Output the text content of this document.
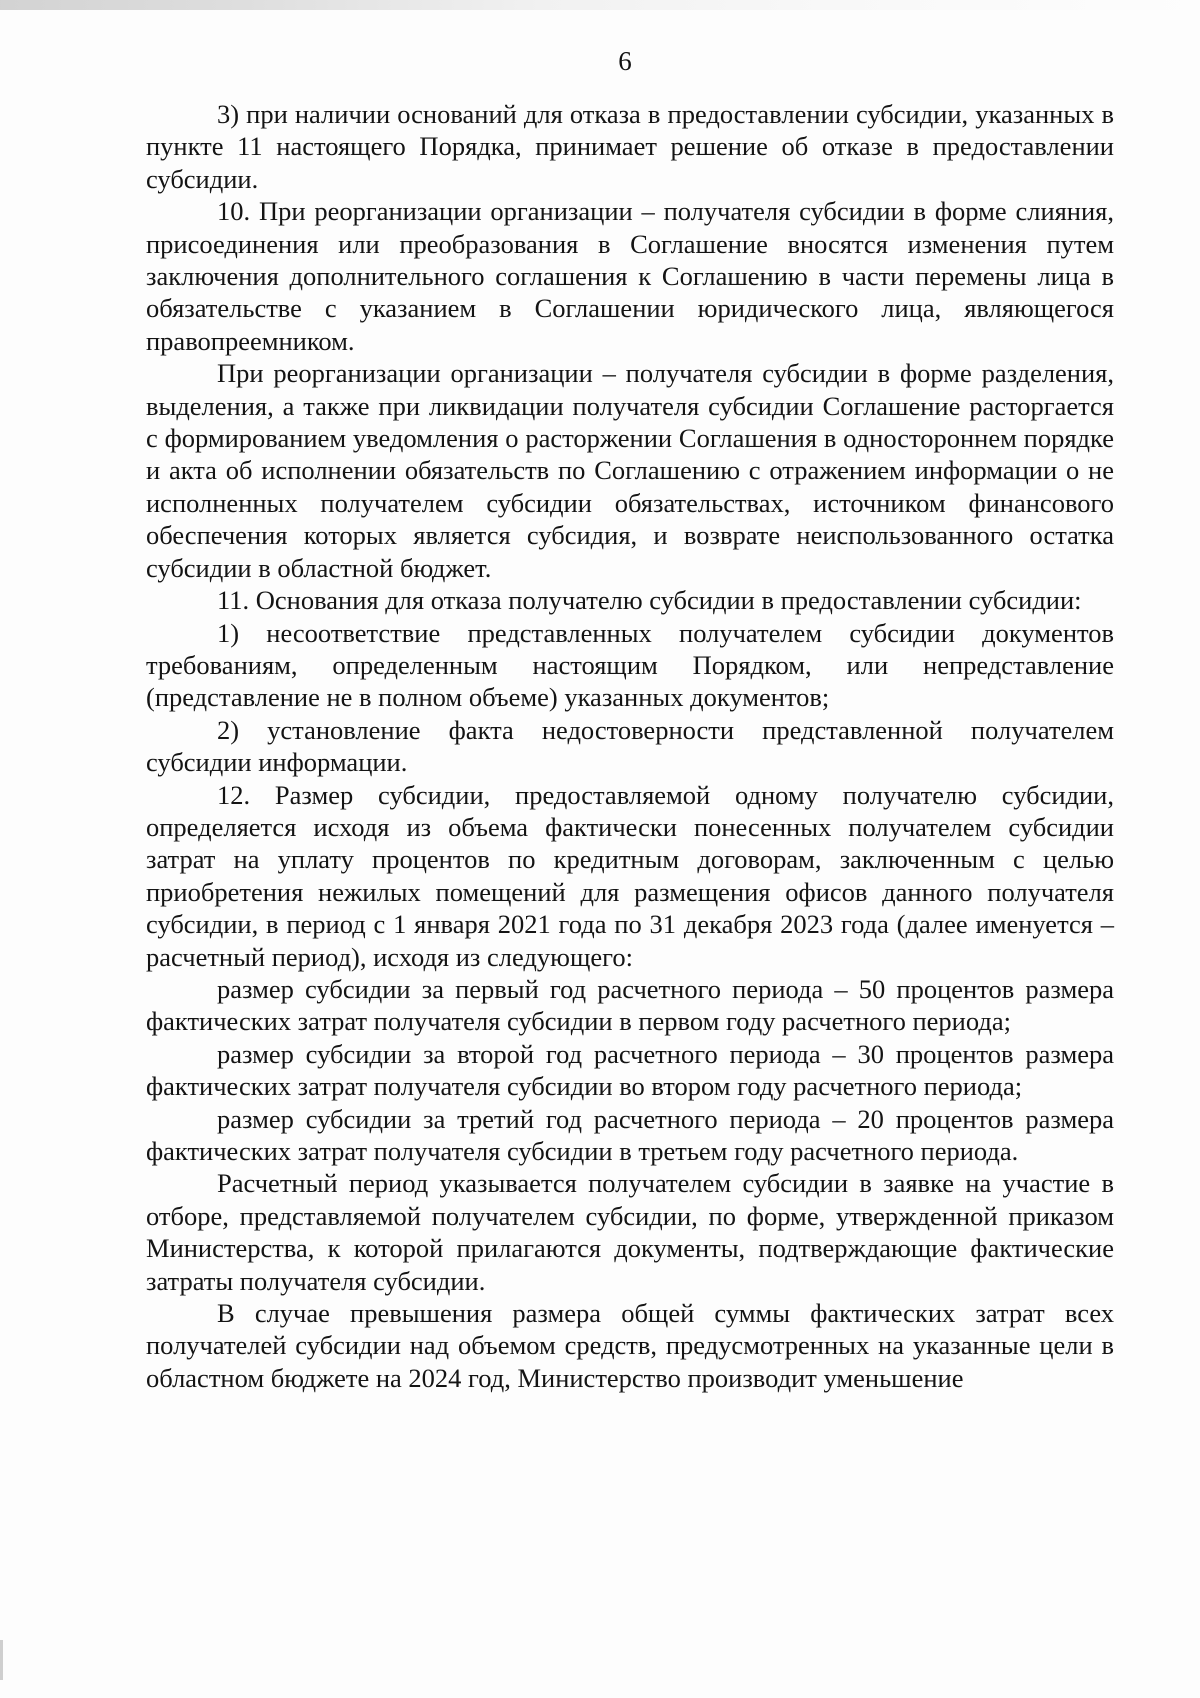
6

3) при наличии оснований для отказа в предоставлении субсидии, указанных в пункте 11 настоящего Порядка, принимает решение об отказе в предоставлении субсидии.

10. При реорганизации организации – получателя субсидии в форме слияния, присоединения или преобразования в Соглашение вносятся изменения путем заключения дополнительного соглашения к Соглашению в части перемены лица в обязательстве с указанием в Соглашении юридического лица, являющегося правопреемником.

При реорганизации организации – получателя субсидии в форме разделения, выделения, а также при ликвидации получателя субсидии Соглашение расторгается с формированием уведомления о расторжении Соглашения в одностороннем порядке и акта об исполнении обязательств по Соглашению с отражением информации о не исполненных получателем субсидии обязательствах, источником финансового обеспечения которых является субсидия, и возврате неиспользованного остатка субсидии в областной бюджет.

11. Основания для отказа получателю субсидии в предоставлении субсидии:

1) несоответствие представленных получателем субсидии документов требованиям, определенным настоящим Порядком, или непредставление (представление не в полном объеме) указанных документов;

2) установление факта недостоверности представленной получателем субсидии информации.

12. Размер субсидии, предоставляемой одному получателю субсидии, определяется исходя из объема фактически понесенных получателем субсидии затрат на уплату процентов по кредитным договорам, заключенным с целью приобретения нежилых помещений для размещения офисов данного получателя субсидии, в период с 1 января 2021 года по 31 декабря 2023 года (далее именуется – расчетный период), исходя из следующего:

размер субсидии за первый год расчетного периода – 50 процентов размера фактических затрат получателя субсидии в первом году расчетного периода;

размер субсидии за второй год расчетного периода – 30 процентов размера фактических затрат получателя субсидии во втором году расчетного периода;

размер субсидии за третий год расчетного периода – 20 процентов размера фактических затрат получателя субсидии в третьем году расчетного периода.

Расчетный период указывается получателем субсидии в заявке на участие в отборе, представляемой получателем субсидии, по форме, утвержденной приказом Министерства, к которой прилагаются документы, подтверждающие фактические затраты получателя субсидии.

В случае превышения размера общей суммы фактических затрат всех получателей субсидии над объемом средств, предусмотренных на указанные цели в областном бюджете на 2024 год, Министерство производит уменьшение
